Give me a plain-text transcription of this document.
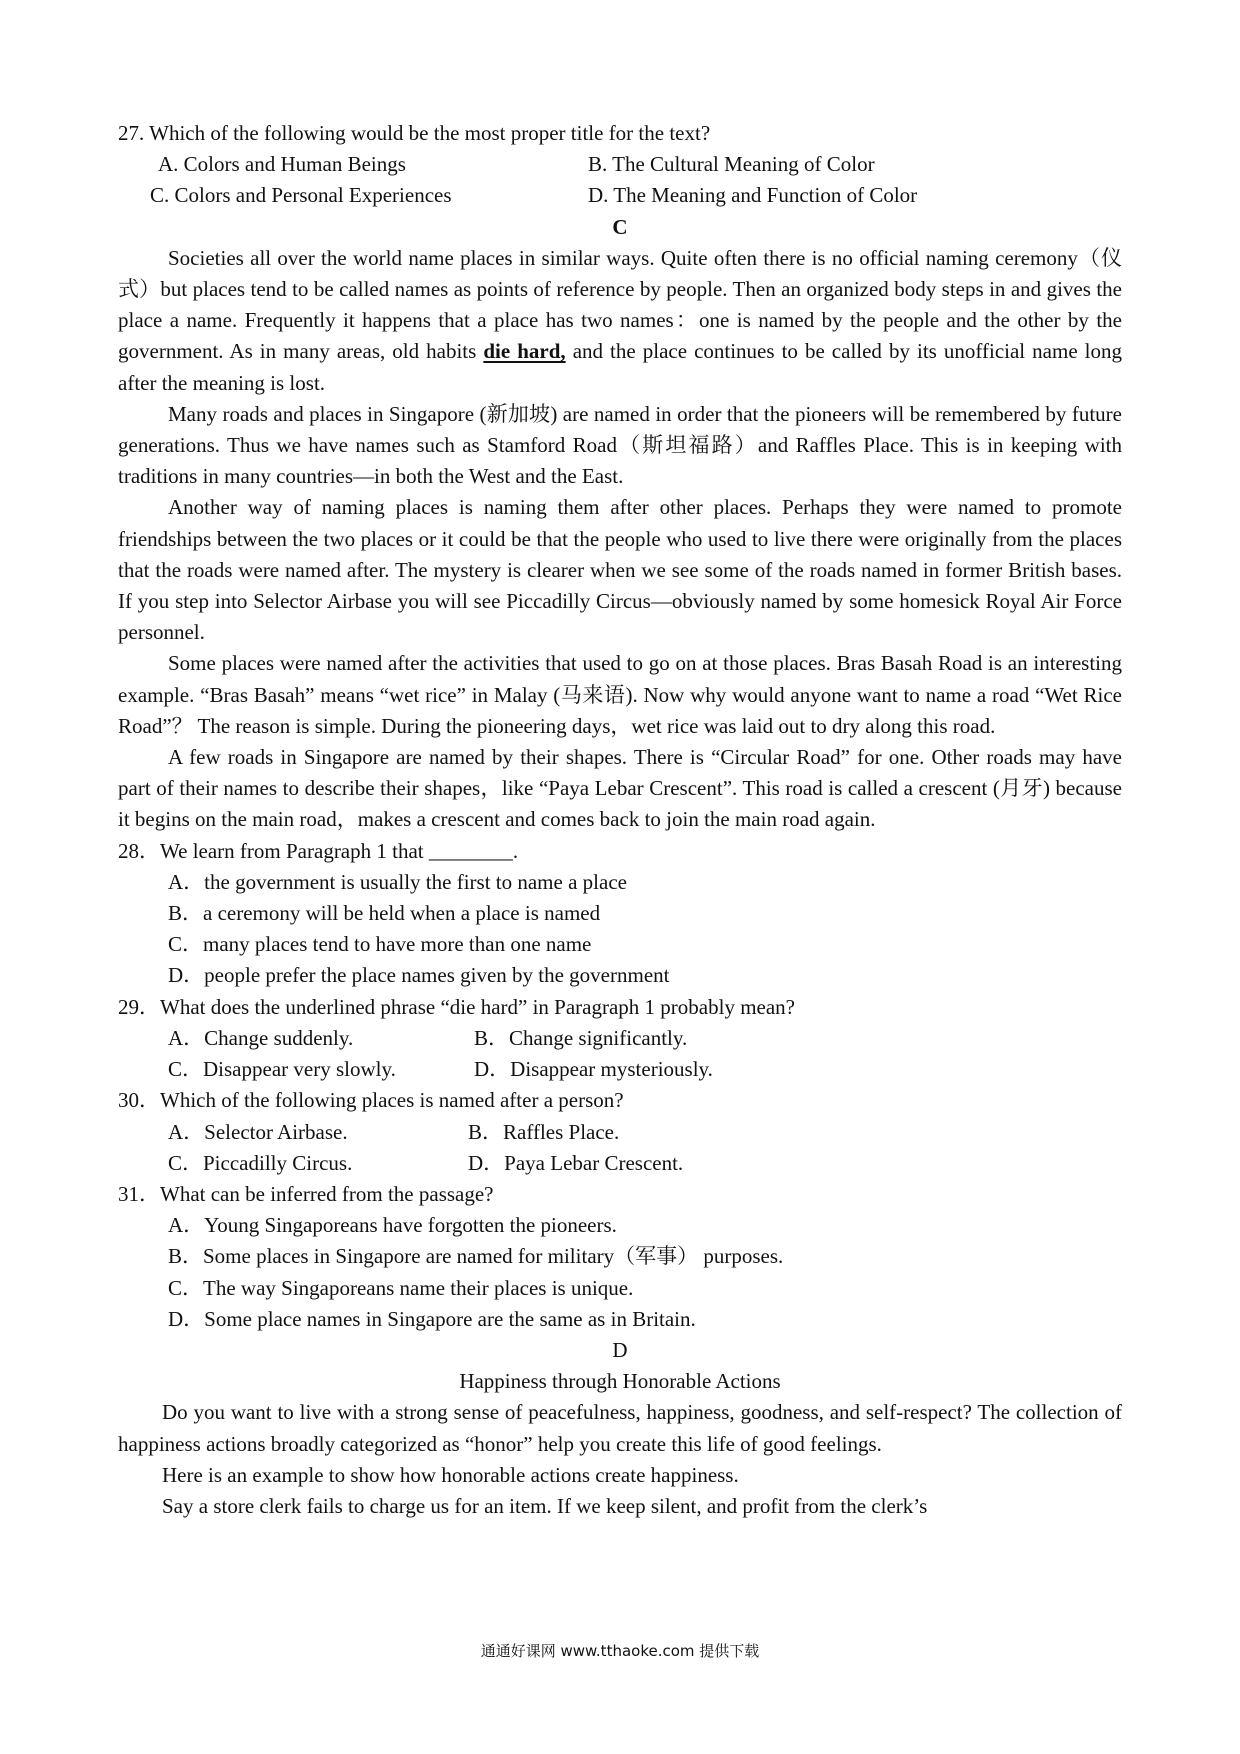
27. Which of the following would be the most proper title for the text?
A. Colors and Human Beings	B. The Cultural Meaning of Color
C. Colors and Personal Experiences	D. The Meaning and Function of Color
C
Societies all over the world name places in similar ways. Quite often there is no official naming ceremony（仪式）but places tend to be called names as points of reference by people. Then an organized body steps in and gives the place a name. Frequently it happens that a place has two names：one is named by the people and the other by the government. As in many areas, old habits die hard, and the place continues to be called by its unofficial name long after the meaning is lost.
Many roads and places in Singapore (新加坡) are named in order that the pioneers will be remembered by future generations. Thus we have names such as Stamford Road（斯坦福路）and Raffles Place. This is in keeping with traditions in many countries—in both the West and the East.
Another way of naming places is naming them after other places. Perhaps they were named to promote friendships between the two places or it could be that the people who used to live there were originally from the places that the roads were named after. The mystery is clearer when we see some of the roads named in former British bases. If you step into Selector Airbase you will see Piccadilly Circus—obviously named by some homesick Royal Air Force personnel.
Some places were named after the activities that used to go on at those places. Bras Basah Road is an interesting example. “Bras Basah” means “wet rice” in Malay (马来语). Now why would anyone want to name a road “Wet Rice Road”？ The reason is simple. During the pioneering days，wet rice was laid out to dry along this road.
A few roads in Singapore are named by their shapes. There is “Circular Road” for one. Other roads may have part of their names to describe their shapes，like “Paya Lebar Crescent”. This road is called a crescent (月牙) because it begins on the main road，makes a crescent and comes back to join the main road again.
28．We learn from Paragraph 1 that ________.
A．the government is usually the first to name a place
B．a ceremony will be held when a place is named
C．many places tend to have more than one name
D．people prefer the place names given by the government
29．What does the underlined phrase “die hard” in Paragraph 1 probably mean?
A．Change suddenly.	B．Change significantly.
C．Disappear very slowly.	D．Disappear mysteriously.
30．Which of the following places is named after a person?
A．Selector Airbase.	B．Raffles Place.
C．Piccadilly Circus.	D．Paya Lebar Crescent.
31．What can be inferred from the passage?
A．Young Singaporeans have forgotten the pioneers.
B．Some places in Singapore are named for military（军事） purposes.
C．The way Singaporeans name their places is unique.
D．Some place names in Singapore are the same as in Britain.
D
Happiness through Honorable Actions
Do you want to live with a strong sense of peacefulness, happiness, goodness, and self-respect? The collection of happiness actions broadly categorized as “honor” help you create this life of good feelings.
Here is an example to show how honorable actions create happiness.
Say a store clerk fails to charge us for an item. If we keep silent, and profit from the clerk’s
通通好课网 www.tthaoke.com 提供下载
